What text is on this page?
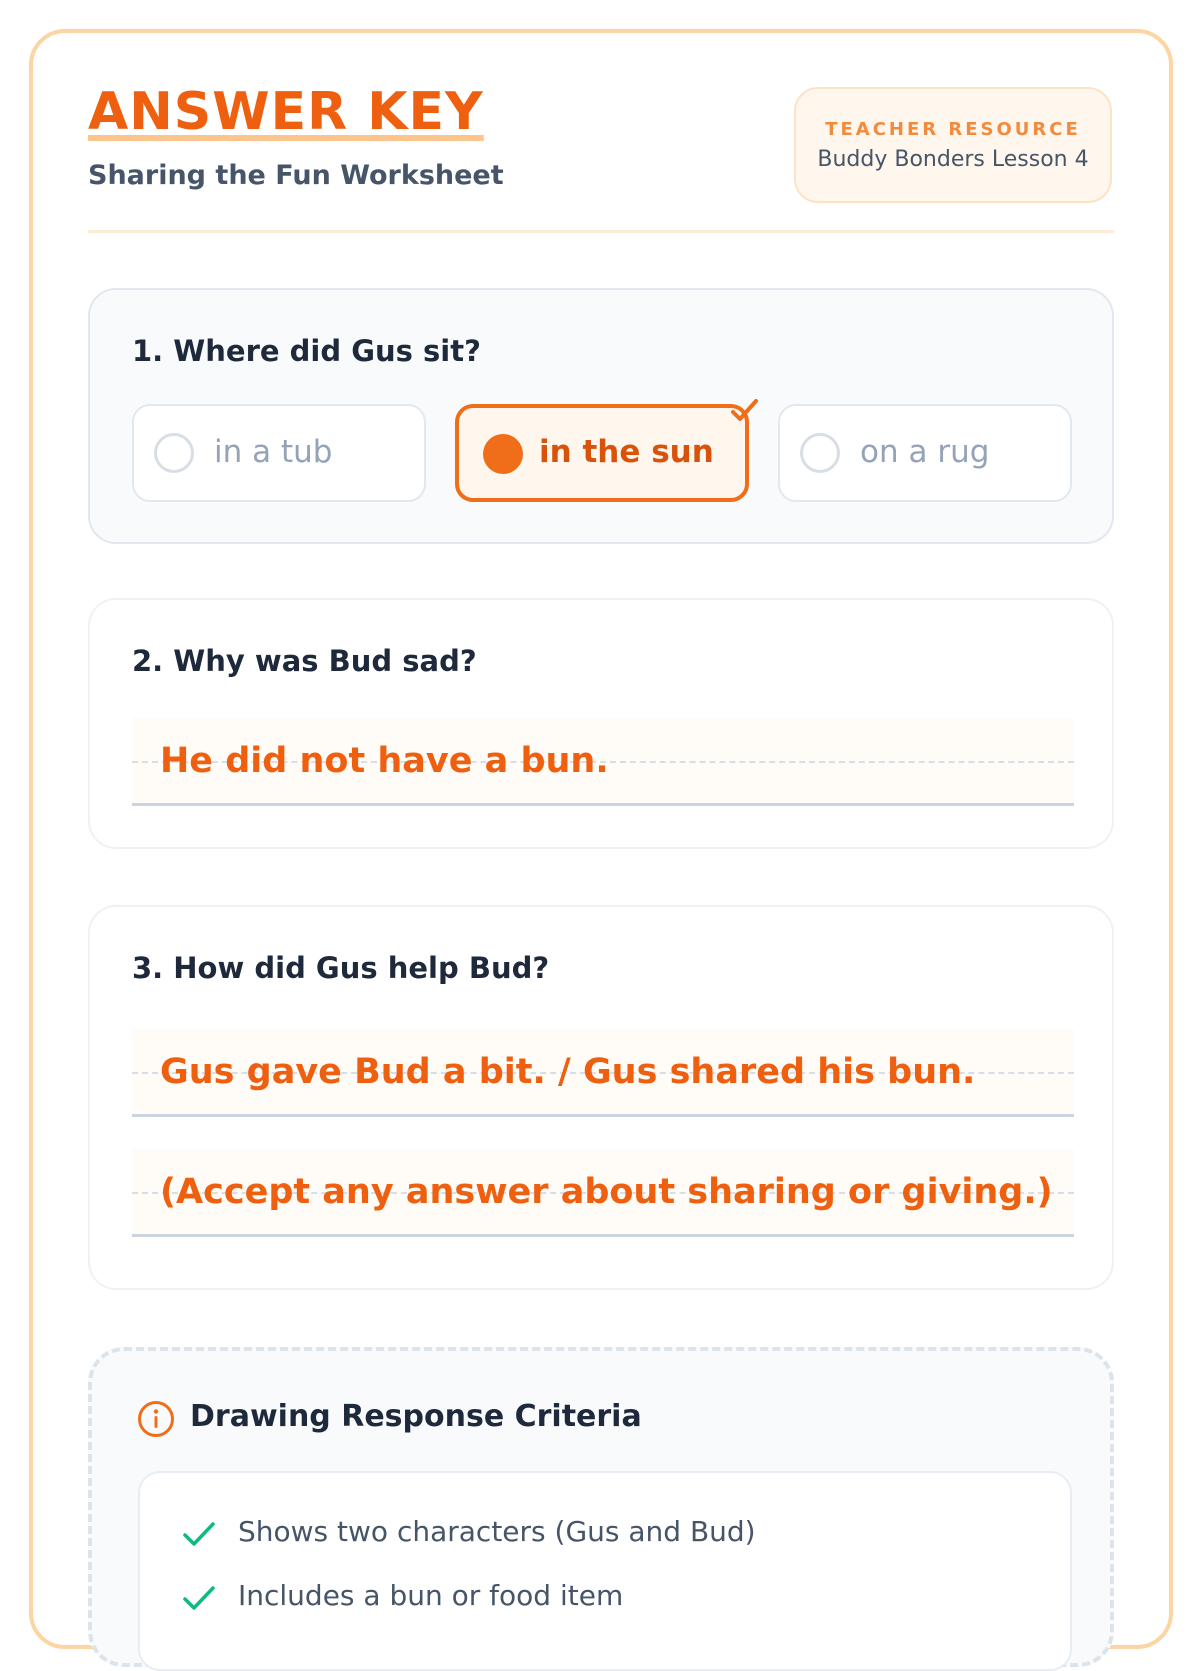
ANSWER KEY
Sharing the Fun Worksheet
TEACHER RESOURCE
Buddy Bonders Lesson 4
1. Where did Gus sit?
in a tub	in the sun	on a rug
2. Why was Bud sad?
He did not have a bun.
3. How did Gus help Bud?
Gus gave Bud a bit. / Gus shared his bun.
(Accept any answer about sharing or giving.)
Drawing Response Criteria
Shows two characters (Gus and Bud)
Includes a bun or food item
